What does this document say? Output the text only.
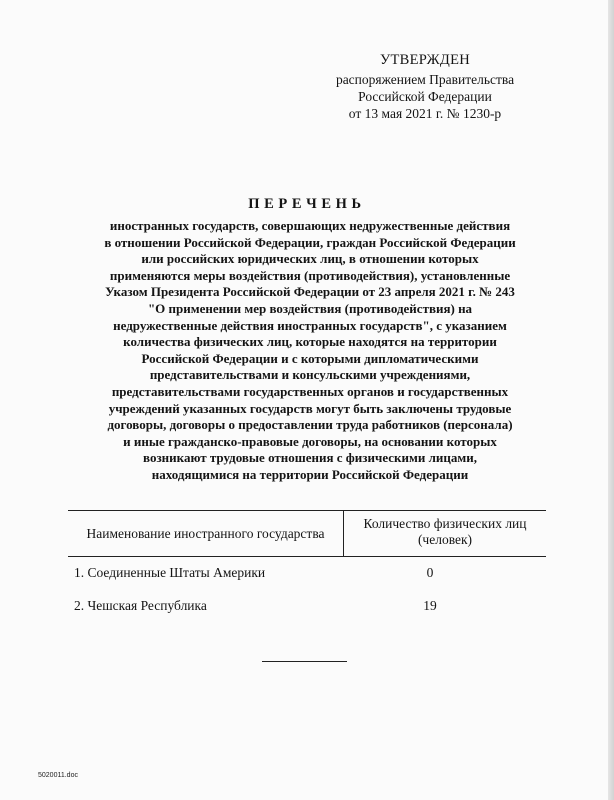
УТВЕРЖДЕН
распоряжением Правительства
Российской Федерации
от 13 мая 2021 г. № 1230-р
ПЕРЕЧЕНЬ
иностранных государств, совершающих недружественные действия
в отношении Российской Федерации, граждан Российской Федерации
или российских юридических лиц, в отношении которых
применяются меры воздействия (противодействия), установленные
Указом Президента Российской Федерации от 23 апреля 2021 г. № 243
"О применении мер воздействия (противодействия) на
недружественные действия иностранных государств", с указанием
количества физических лиц, которые находятся на территории
Российской Федерации и с которыми дипломатическими
представительствами и консульскими учреждениями,
представительствами государственных органов и государственных
учреждений указанных государств могут быть заключены трудовые
договоры, договоры о предоставлении труда работников (персонала)
и иные гражданско-правовые договоры, на основании которых
возникают трудовые отношения с физическими лицами,
находящимися на территории Российской Федерации
Наименование иностранного государства
Количество физических лиц
(человек)
1. Соединенные Штаты Америки	0
2. Чешская Республика	19
5020011.doc
